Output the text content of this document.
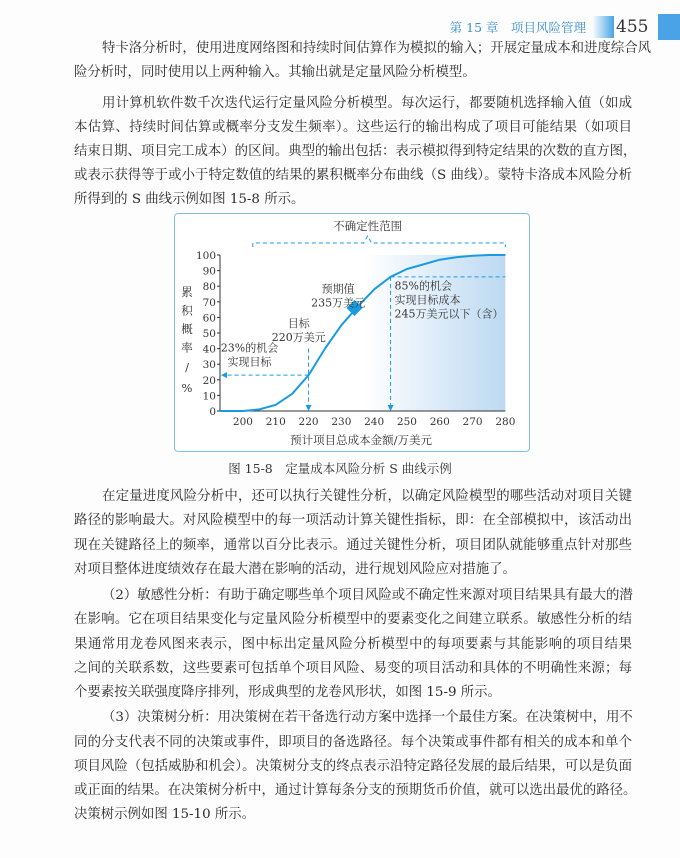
第 15 章　项目风险管理 455
特卡洛分析时，使用进度网络图和持续时间估算作为模拟的输入；开展定量成本和进度综合风
险分析时，同时使用以上两种输入。其输出就是定量风险分析模型。
用计算机软件数千次迭代运行定量风险分析模型。每次运行，都要随机选择输入值（如成
本估算、持续时间估算或概率分支发生频率）。这些运行的输出构成了项目可能结果（如项目
结束日期、项目完工成本）的区间。典型的输出包括：表示模拟得到特定结果的次数的直方图，
或表示获得等于或小于特定数值的结果的累积概率分布曲线（S 曲线）。蒙特卡洛成本风险分析
所得到的 S 曲线示例如图 15-8 所示。
0
10
20
30
40
50
60
70
80
90
100
200 210 220 230 240 250 260 270 280
累积概率/%
预计项目总成本金额/万美元
不确定性范围
预期值
235万美元
目标
220万美元
23%的机会
实现目标
85%的机会
实现目标成本
245万美元以下（含）
图 15-8　定量成本风险分析 S 曲线示例
在定量进度风险分析中，还可以执行关键性分析，以确定风险模型的哪些活动对项目关键
路径的影响最大。对风险模型中的每一项活动计算关键性指标，即：在全部模拟中，该活动出
现在关键路径上的频率，通常以百分比表示。通过关键性分析，项目团队就能够重点针对那些
对项目整体进度绩效存在最大潜在影响的活动，进行规划风险应对措施了。
（2）敏感性分析：有助于确定哪些单个项目风险或不确定性来源对项目结果具有最大的潜
在影响。它在项目结果变化与定量风险分析模型中的要素变化之间建立联系。敏感性分析的结
果通常用龙卷风图来表示，图中标出定量风险分析模型中的每项要素与其能影响的项目结果
之间的关联系数，这些要素可包括单个项目风险、易变的项目活动和具体的不明确性来源；每
个要素按关联强度降序排列，形成典型的龙卷风形状，如图 15-9 所示。
（3）决策树分析：用决策树在若干备选行动方案中选择一个最佳方案。在决策树中，用不
同的分支代表不同的决策或事件，即项目的备选路径。每个决策或事件都有相关的成本和单个
项目风险（包括威胁和机会）。决策树分支的终点表示沿特定路径发展的最后结果，可以是负面
或正面的结果。在决策树分析中，通过计算每条分支的预期货币价值，就可以选出最优的路径。
决策树示例如图 15-10 所示。
